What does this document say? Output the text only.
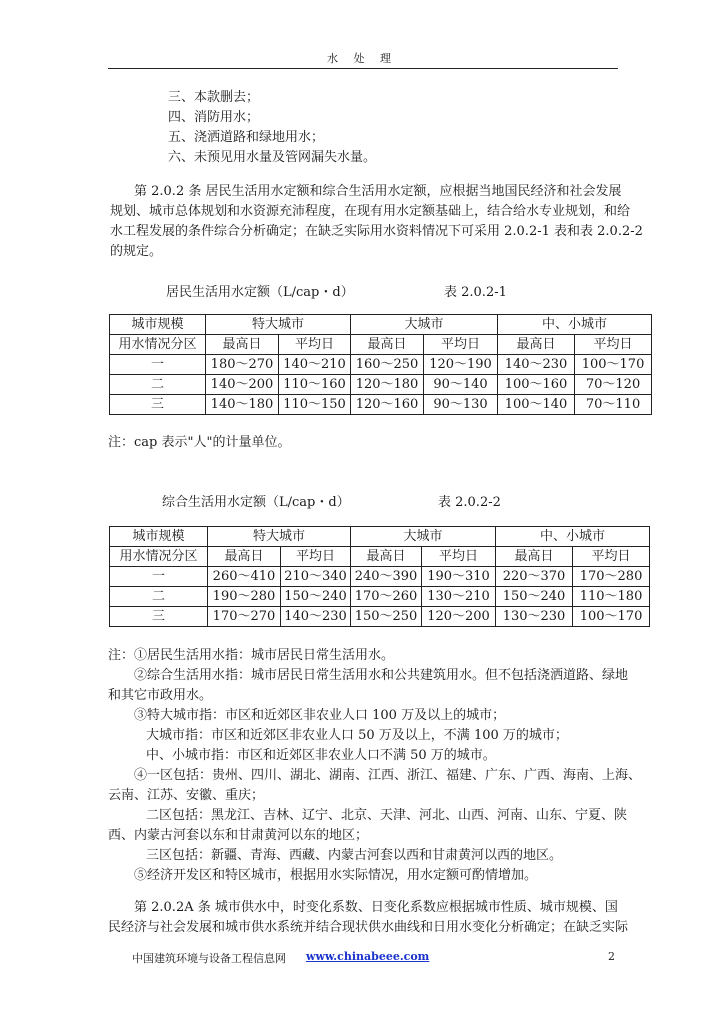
水 处 理
三、本款删去；
四、消防用水；
五、浇洒道路和绿地用水；
六、未预见用水量及管网漏失水量。
第 2.0.2 条 居民生活用水定额和综合生活用水定额，应根据当地国民经济和社会发展
规划、城市总体规划和水资源充沛程度，在现有用水定额基础上，结合给水专业规划，和给
水工程发展的条件综合分析确定；在缺乏实际用水资料情况下可采用 2.0.2-1 表和表 2.0.2-2
的规定。
居民生活用水定额（L/cap・d）	表 2.0.2-1
城市规模	特大城市		大城市		中、小城市	
用水情况分区	最高日	平均日	最高日	平均日	最高日	平均日
一	180～270	140～210	160～250	120～190	140～230	100～170
二	140～200	110～160	120～180	90～140	100～160	70～120
三	140～180	110～150	120～160	90～130	100～140	70～110
注：cap 表示"人"的计量单位。
综合生活用水定额（L/cap・d）	表 2.0.2-2
城市规模	特大城市		大城市		中、小城市	
用水情况分区	最高日	平均日	最高日	平均日	最高日	平均日
一	260～410	210～340	240～390	190～310	220～370	170～280
二	190～280	150～240	170～260	130～210	150～240	110～180
三	170～270	140～230	150～250	120～200	130～230	100～170
注：①居民生活用水指：城市居民日常生活用水。
②综合生活用水指：城市居民日常生活用水和公共建筑用水。但不包括浇洒道路、绿地
和其它市政用水。
③特大城市指：市区和近郊区非农业人口 100 万及以上的城市；
大城市指：市区和近郊区非农业人口 50 万及以上，不满 100 万的城市；
中、小城市指：市区和近郊区非农业人口不满 50 万的城市。
④一区包括：贵州、四川、湖北、湖南、江西、浙江、福建、广东、广西、海南、上海、
云南、江苏、安徽、重庆；
二区包括：黑龙江、吉林、辽宁、北京、天津、河北、山西、河南、山东、宁夏、陕
西、内蒙古河套以东和甘肃黄河以东的地区；
三区包括：新疆、青海、西藏、内蒙古河套以西和甘肃黄河以西的地区。
⑤经济开发区和特区城市，根据用水实际情况，用水定额可酌情增加。
第 2.0.2A 条 城市供水中，时变化系数、日变化系数应根据城市性质、城市规模、国
民经济与社会发展和城市供水系统并结合现状供水曲线和日用水变化分析确定；在缺乏实际
中国建筑环境与设备工程信息网 www.chinabeee.com	2
